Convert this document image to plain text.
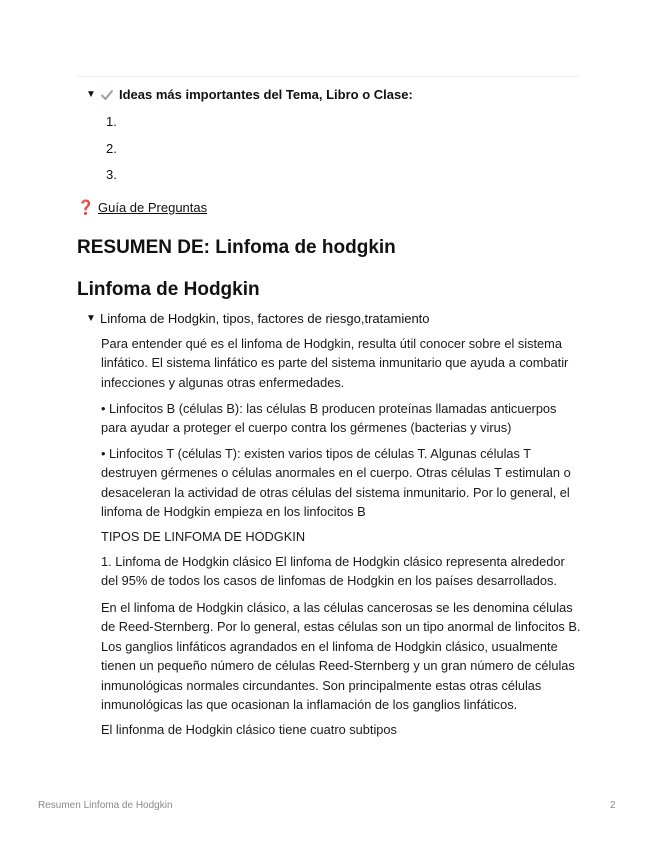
▼	Ideas más importantes del Tema, Libro o Clase:
1.
2.
3.
❓ Guía de Preguntas
RESUMEN DE: Linfoma de hodgkin
Linfoma de Hodgkin
▼ Linfoma de Hodgkin, tipos, factores de riesgo,tratamiento

Para entender qué es el linfoma de Hodgkin, resulta útil conocer sobre el sistema linfático. El sistema linfático es parte del sistema inmunitario que ayuda a combatir infecciones y algunas otras enfermedades.

• Linfocitos B (células B): las células B producen proteínas llamadas anticuerpos para ayudar a proteger el cuerpo contra los gérmenes (bacterias y virus)

• Linfocitos T (células T): existen varios tipos de células T. Algunas células T destruyen gérmenes o células anormales en el cuerpo. Otras células T estimulan o desaceleran la actividad de otras células del sistema inmunitario. Por lo general, el linfoma de Hodgkin empieza en los linfocitos B

TIPOS DE LINFOMA DE HODGKIN

1. Linfoma de Hodgkin clásico El linfoma de Hodgkin clásico representa alrededor del 95% de todos los casos de linfomas de Hodgkin en los países desarrollados.

En el linfoma de Hodgkin clásico, a las células cancerosas se les denomina células de Reed-Sternberg. Por lo general, estas células son un tipo anormal de linfocitos B. Los ganglios linfáticos agrandados en el linfoma de Hodgkin clásico, usualmente tienen un pequeño número de células Reed-Sternberg y un gran número de células inmunológicas normales circundantes. Son principalmente estas otras células inmunológicas las que ocasionan la inflamación de los ganglios linfáticos.

El linfonma de Hodgkin clásico tiene cuatro subtipos

Resumen Linfoma de Hodgkin	2
